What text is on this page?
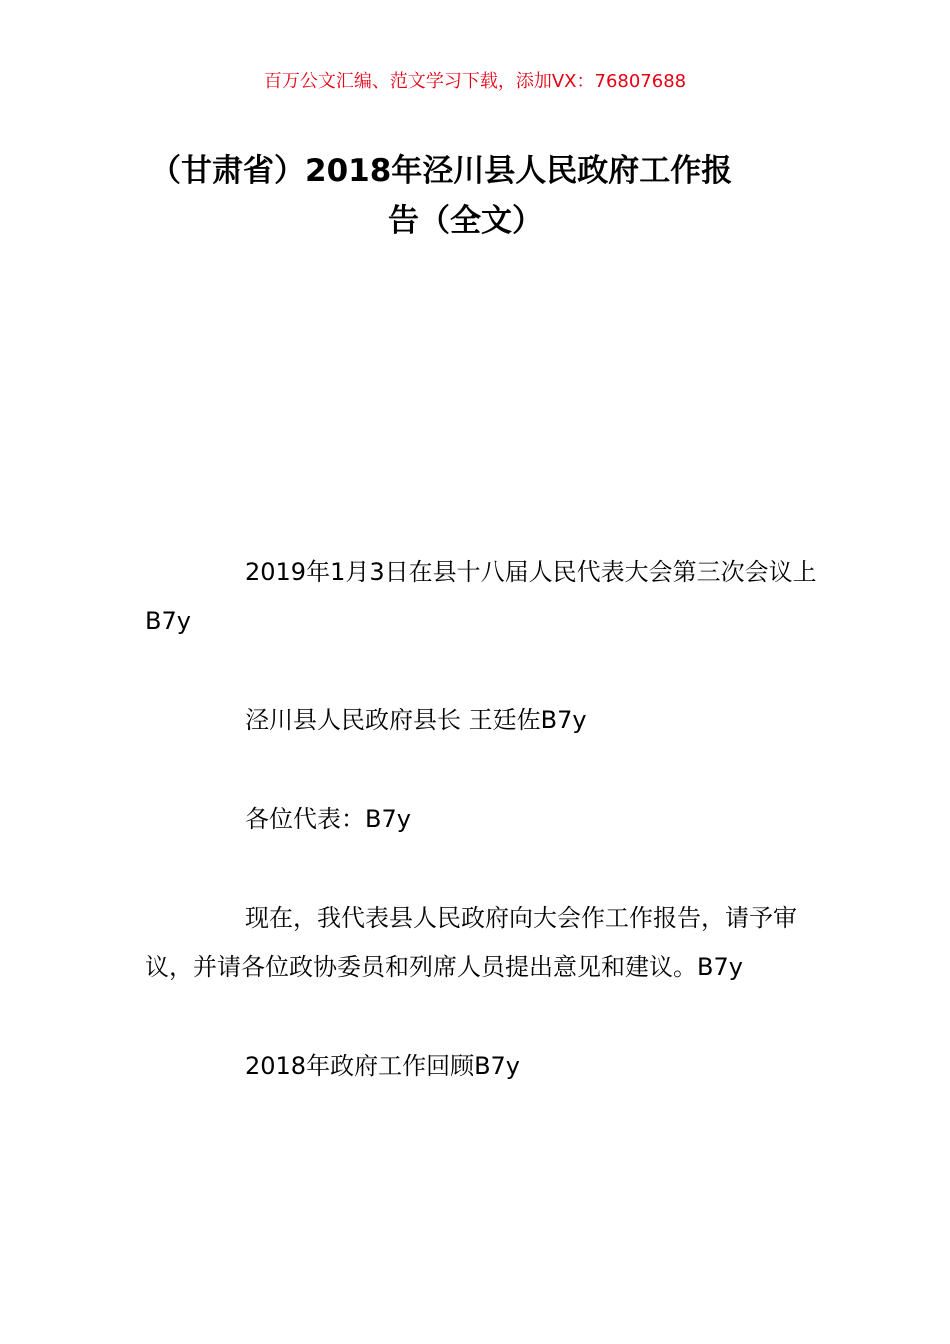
百万公文汇编、范文学习下载，添加VX：76807688
（甘肃省）2018年泾川县人民政府工作报
告（全文）

2019年1月3日在县十八届人民代表大会第三次会议上B7y

泾川县人民政府县长 王廷佐B7y

各位代表：B7y

现在，我代表县人民政府向大会作工作报告，请予审议，并请各位政协委员和列席人员提出意见和建议。B7y

2018年政府工作回顾B7y
